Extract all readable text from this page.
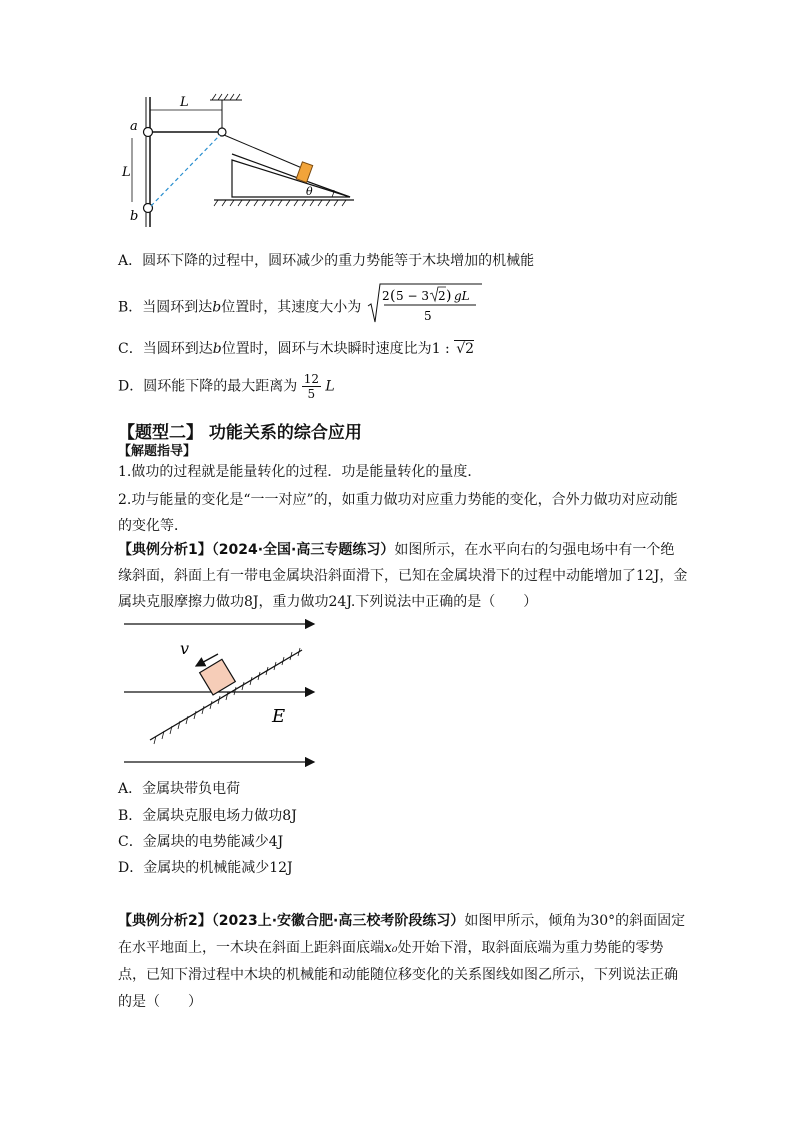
L
a
b
L
θ
A．圆环下降的过程中，圆环减少的重力势能等于木块增加的机械能
B．当圆环到达b位置时，其速度大小为
2 ( 5 − 3 2 ) gL
5
C．当圆环到达b位置时，圆环与木块瞬时速度比为1 : √2
D．圆环能下降的最大距离为 $\frac{12}{5}$ L
【题型二】 功能关系的综合应用
【解题指导】
1.做功的过程就是能量转化的过程．功是能量转化的量度．
2.功与能量的变化是“一一对应”的，如重力做功对应重力势能的变化，合外力做功对应动能的变化等．
【典例分析1】（2024·全国·高三专题练习）如图所示，在水平向右的匀强电场中有一个绝缘斜面，斜面上有一带电金属块沿斜面滑下，已知在金属块滑下的过程中动能增加了12J，金属块克服摩擦力做功8J，重力做功24J.下列说法中正确的是（　　）
v
E
A．金属块带负电荷
B．金属块克服电场力做功8J
C．金属块的电势能减少4J
D．金属块的机械能减少12J
【典例分析2】（2023上·安徽合肥·高三校考阶段练习）如图甲所示，倾角为30°的斜面固定在水平地面上，一木块在斜面上距斜面底端x₀处开始下滑，取斜面底端为重力势能的零势点，已知下滑过程中木块的机械能和动能随位移变化的关系图线如图乙所示，下列说法正确的是（　　）
